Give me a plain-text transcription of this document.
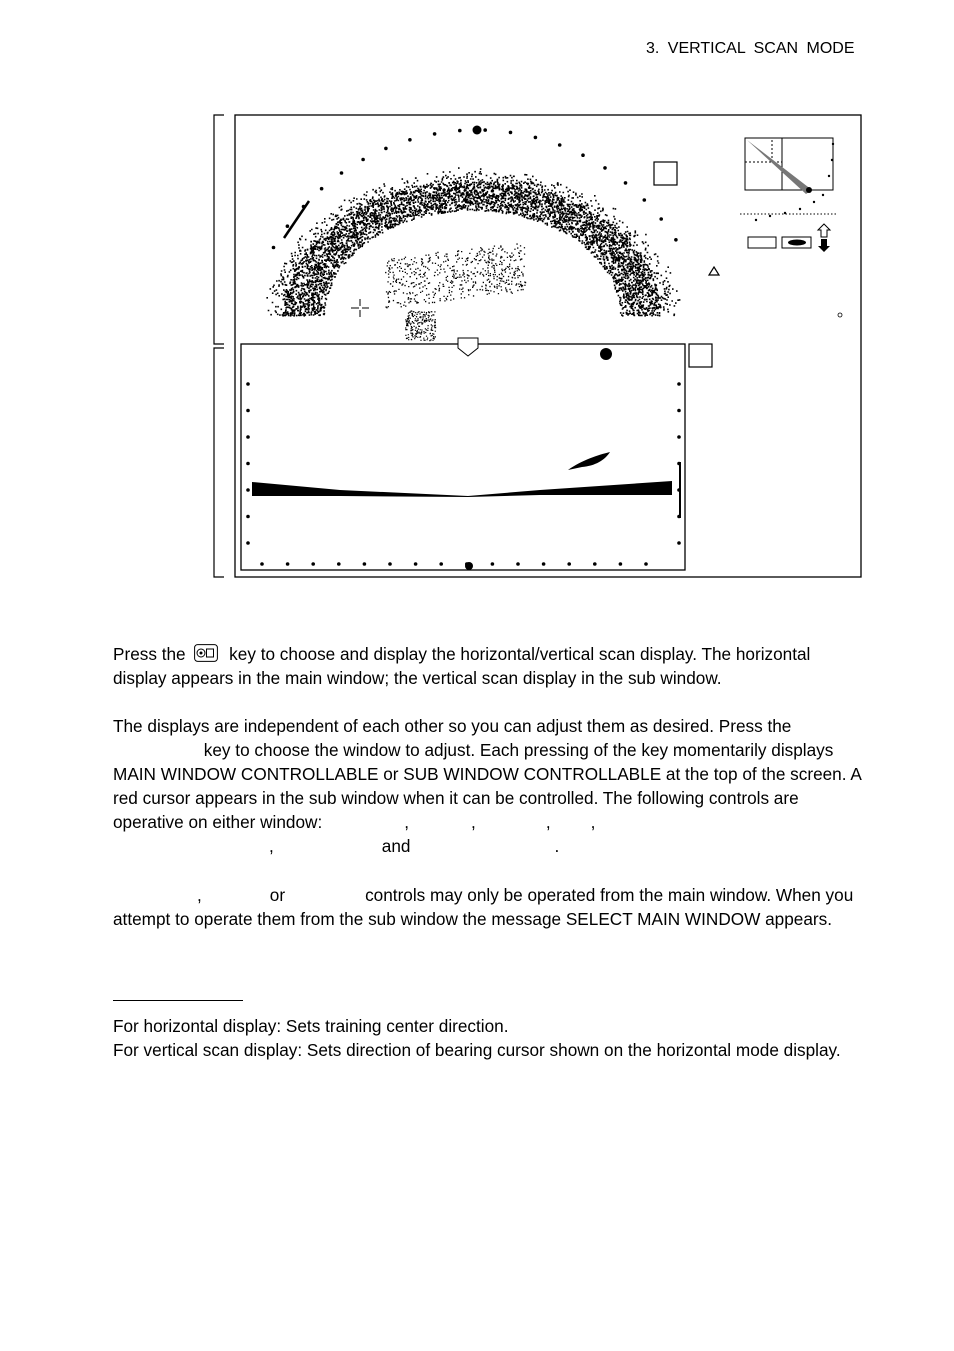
3. VERTICAL SCAN MODE
Press the	key to choose and display the horizontal/vertical scan display. The horizontal display appears in the main window; the vertical scan display in the sub window.
The displays are independent of each other so you can adjust them as desired. Press the  key to choose the window to adjust. Each pressing of the key momentarily displays MAIN WINDOW CONTROLLABLE or SUB WINDOW CONTROLLABLE at the top of the screen. A red cursor appears in the sub window when it can be controlled. The following controls are operative on either window:	,	,	, ,
,	and	.
,	or	controls may only be operated from the main window. When you attempt to operate them from the sub window the message SELECT MAIN WINDOW appears.
For horizontal display: Sets training center direction.
For vertical scan display: Sets direction of bearing cursor shown on the horizontal mode display.
